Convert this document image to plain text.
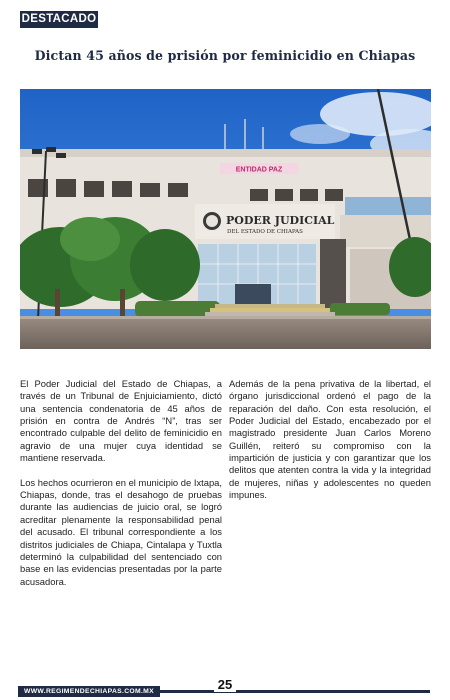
DESTACADO
Dictan 45 años de prisión por feminicidio en Chiapas
ENTIDAD PAZ
PODER JUDICIAL
DEL ESTADO DE CHIAPAS

El Poder Judicial del Estado de Chiapas, a través de un Tribunal de Enjuiciamiento, dictó una sentencia condenatoria de 45 años de prisión en contra de Andrés “N”, tras ser encontrado culpable del delito de feminicidio en agravio de una mujer cuya identidad se mantiene reservada.

Los hechos ocurrieron en el municipio de Ixtapa, Chiapas, donde, tras el desahogo de pruebas durante las audiencias de juicio oral, se logró acreditar plenamente la responsabilidad penal del acusado. El tribunal correspondiente a los distritos judiciales de Chiapa, Cintalapa y Tuxtla determinó la culpabilidad del sentenciado con base en las evidencias presentadas por la parte acusadora.

Además de la pena privativa de la libertad, el órgano jurisdiccional ordenó el pago de la reparación del daño. Con esta resolución, el Poder Judicial del Estado, encabezado por el magistrado presidente Juan Carlos Moreno Guillén, reiteró su compromiso con la impartición de justicia y con garantizar que los delitos que atenten contra la vida y la integridad de mujeres, niñas y adolescentes no queden impunes.

WWW.REGIMENDECHIAPAS.COM.MX	25
